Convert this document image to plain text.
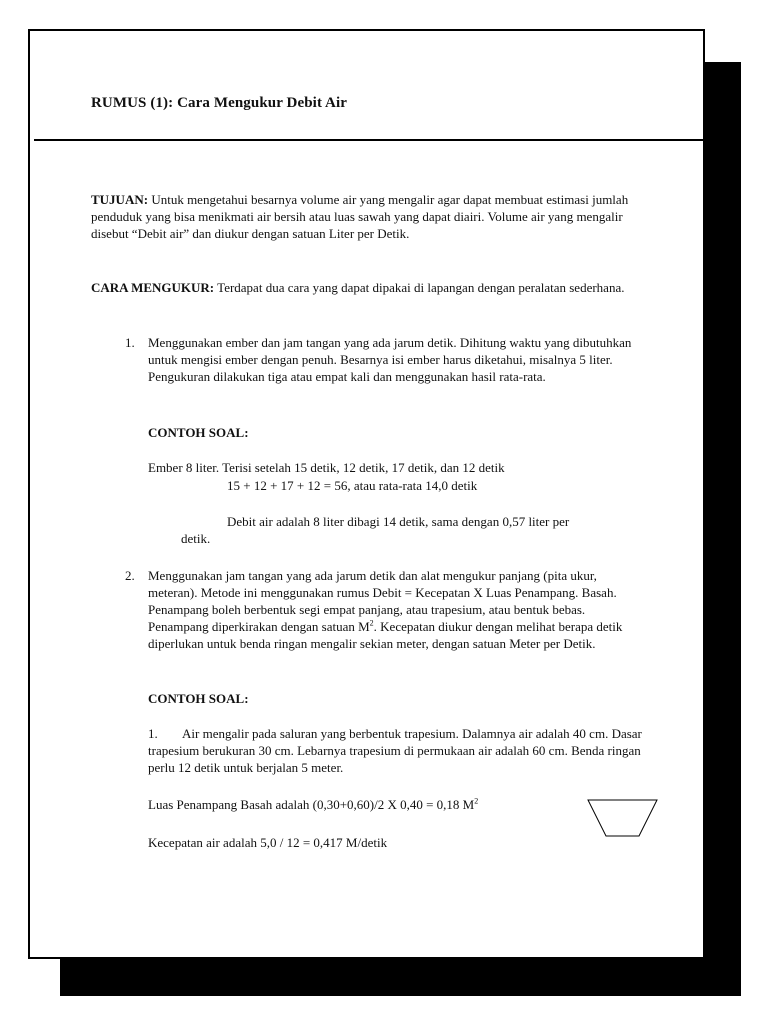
RUMUS (1): Cara Mengukur Debit Air
TUJUAN: Untuk mengetahui besarnya volume air yang mengalir agar dapat membuat estimasi jumlah penduduk yang bisa menikmati air bersih atau luas sawah yang dapat diairi. Volume air yang mengalir disebut “Debit air” dan diukur dengan satuan Liter per Detik.
CARA MENGUKUR: Terdapat dua cara yang dapat dipakai di lapangan dengan peralatan sederhana.
1. Menggunakan ember dan jam tangan yang ada jarum detik. Dihitung waktu yang dibutuhkan untuk mengisi ember dengan penuh. Besarnya isi ember harus diketahui, misalnya 5 liter. Pengukuran dilakukan tiga atau empat kali dan menggunakan hasil rata-rata.
CONTOH SOAL:
Ember 8 liter. Terisi setelah 15 detik, 12 detik, 17 detik, dan 12 detik
15 + 12 + 17 + 12 = 56, atau rata-rata 14,0 detik
Debit air adalah 8 liter dibagi 14 detik, sama dengan 0,57 liter per
detik.
2. Menggunakan jam tangan yang ada jarum detik dan alat mengukur panjang (pita ukur, meteran). Metode ini menggunakan rumus Debit = Kecepatan X Luas Penampang. Basah. Penampang boleh berbentuk segi empat panjang, atau trapesium, atau bentuk bebas. Penampang diperkirakan dengan satuan $M^2$. Kecepatan diukur dengan melihat berapa detik diperlukan untuk benda ringan mengalir sekian meter, dengan satuan Meter per Detik.
CONTOH SOAL:
1.	Air mengalir pada saluran yang berbentuk trapesium. Dalamnya air adalah 40 cm. Dasar trapesium berukuran 30 cm. Lebarnya trapesium di permukaan air adalah 60 cm. Benda ringan perlu 12 detik untuk berjalan 5 meter.
Luas Penampang Basah adalah (0,30+0,60)/2 X 0,40 = 0,18 $M^2$
Kecepatan air adalah 5,0 / 12 = 0,417 M/detik
